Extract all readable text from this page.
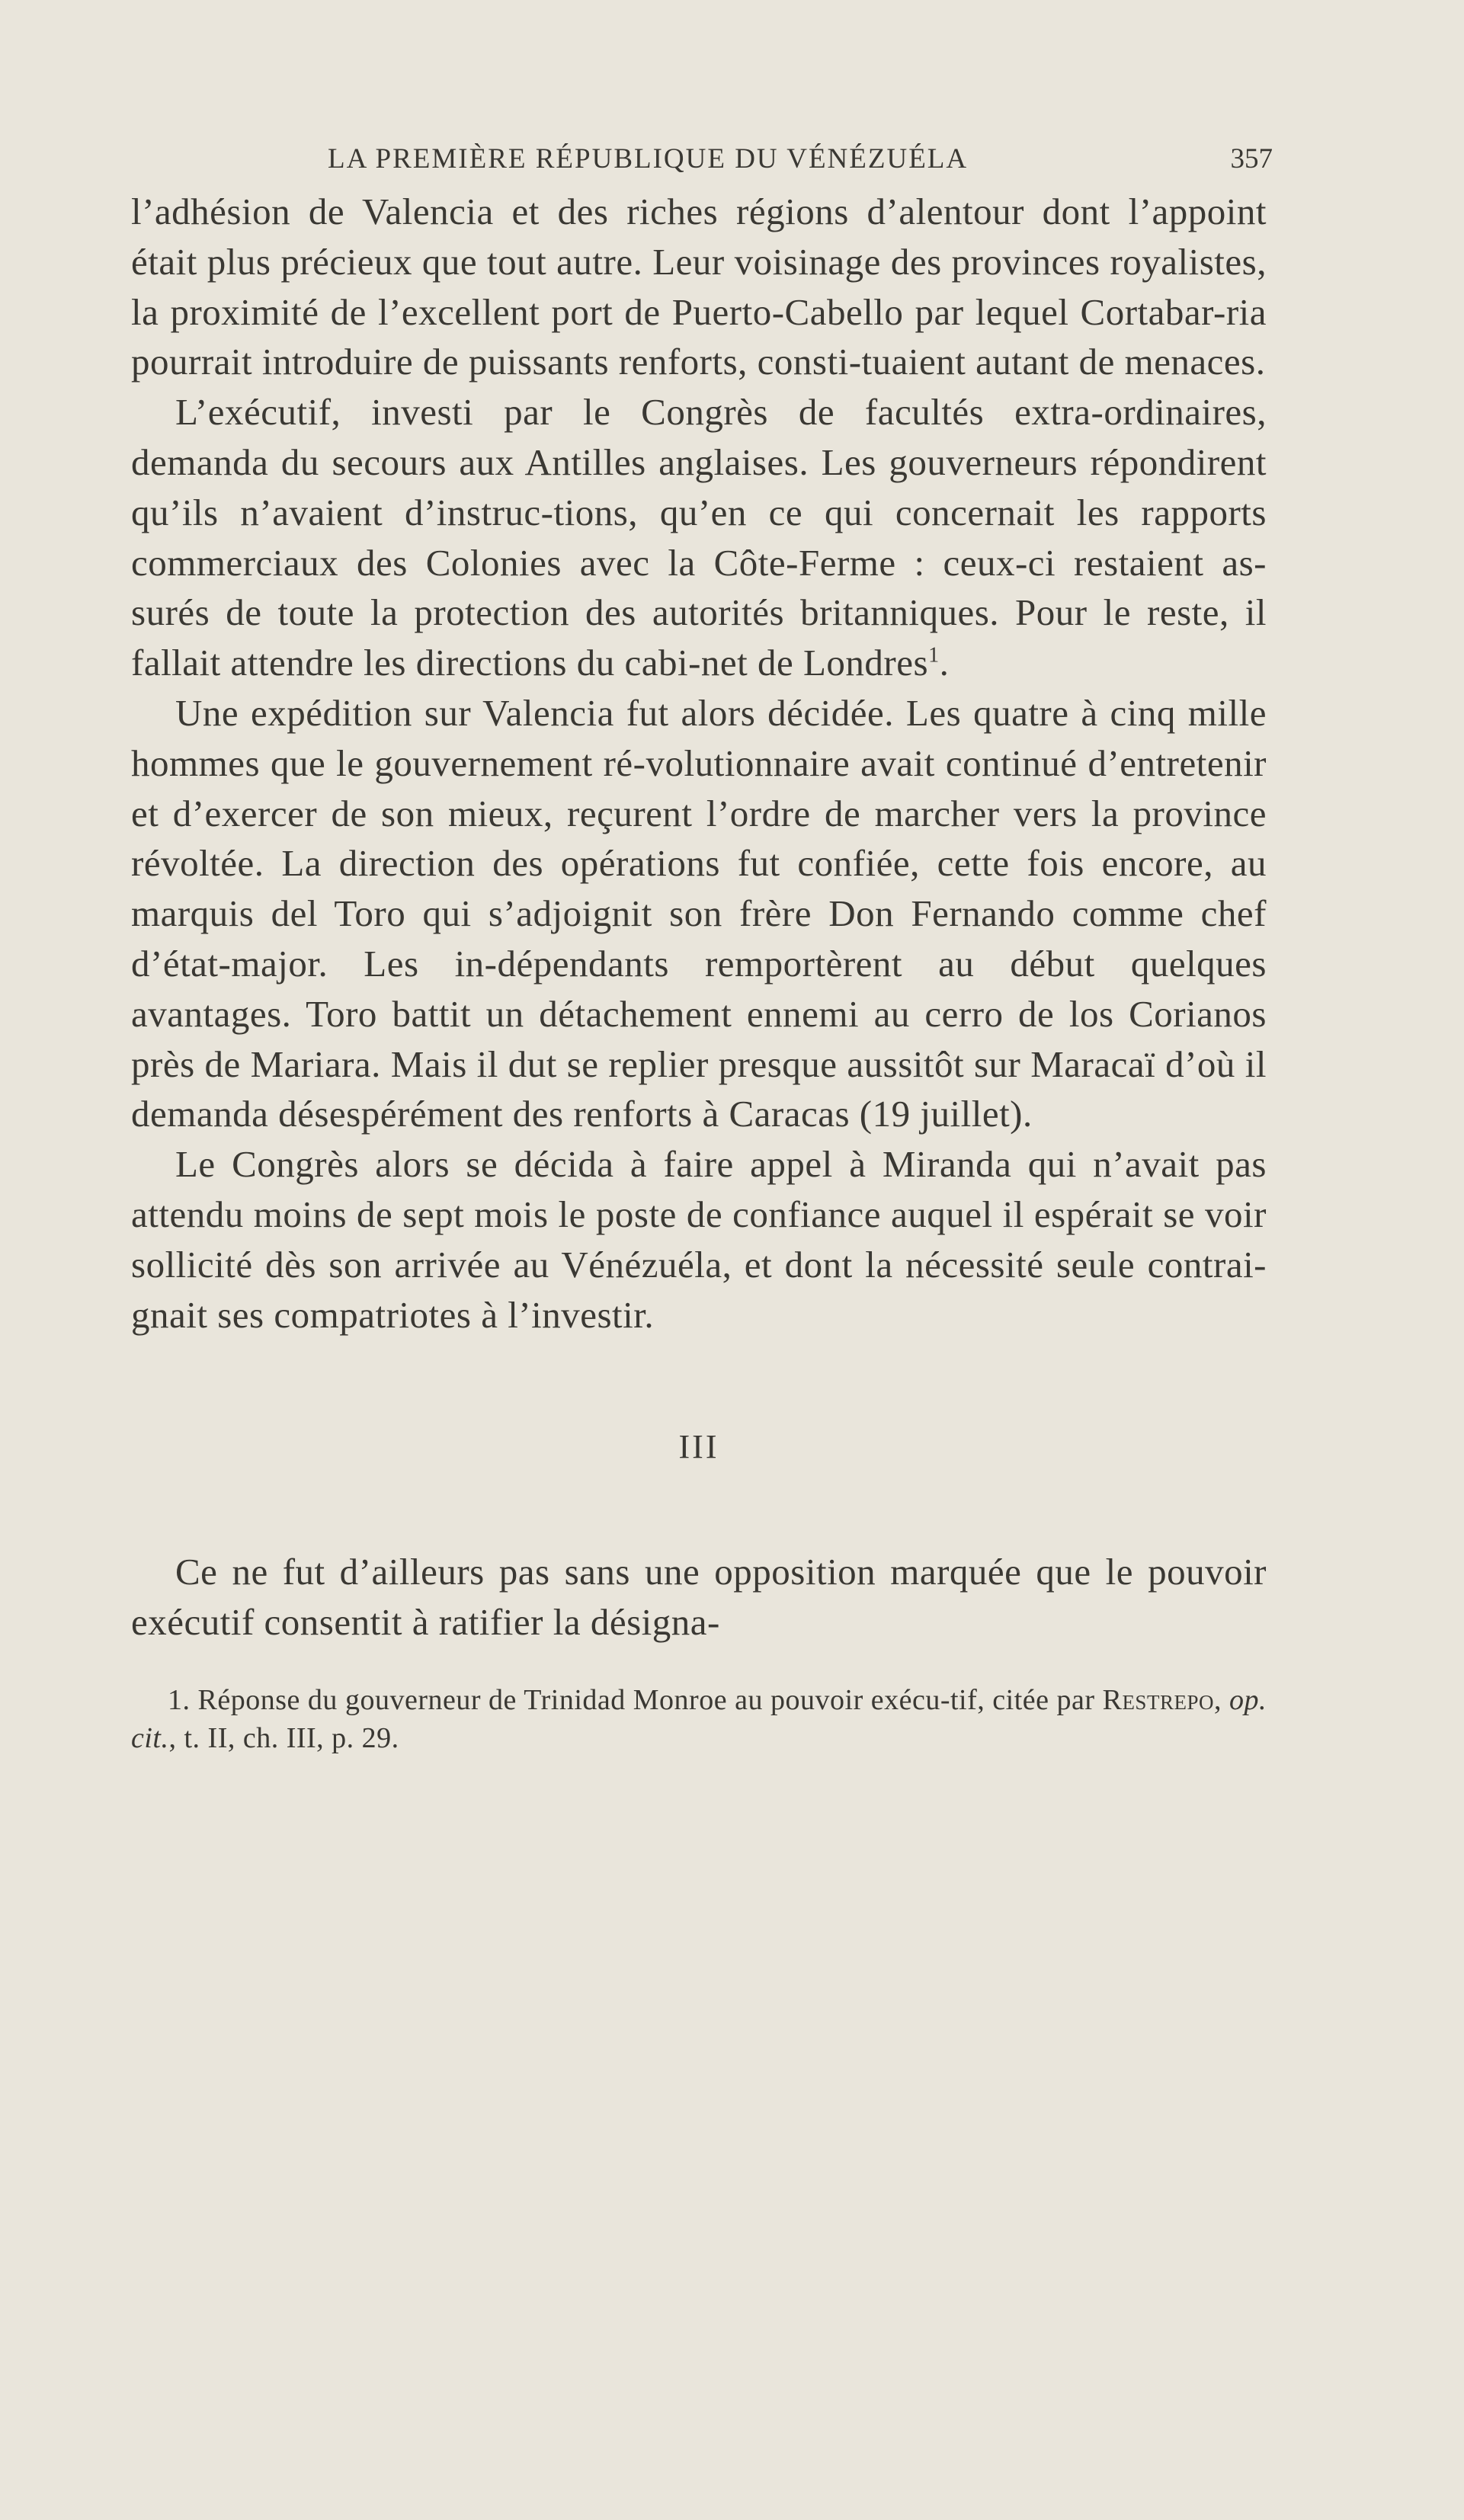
LA PREMIÈRE RÉPUBLIQUE DU VÉNÉZUÉLA	357

l’adhésion de Valencia et des riches régions d’alentour dont l’appoint était plus précieux que tout autre. Leur voisinage des provinces royalistes, la proximité de l’excellent port de Puerto-Cabello par lequel Cortabar-ria pourrait introduire de puissants renforts, consti-tuaient autant de menaces.

L’exécutif, investi par le Congrès de facultés extra-ordinaires, demanda du secours aux Antilles anglaises. Les gouverneurs répondirent qu’ils n’avaient d’instruc-tions, qu’en ce qui concernait les rapports commerciaux des Colonies avec la Côte-Ferme : ceux-ci restaient as-surés de toute la protection des autorités britanniques. Pour le reste, il fallait attendre les directions du cabi-net de Londres$^1$.

Une expédition sur Valencia fut alors décidée. Les quatre à cinq mille hommes que le gouvernement ré-volutionnaire avait continué d’entretenir et d’exercer de son mieux, reçurent l’ordre de marcher vers la province révoltée. La direction des opérations fut confiée, cette fois encore, au marquis del Toro qui s’adjoignit son frère Don Fernando comme chef d’état-major. Les in-dépendants remportèrent au début quelques avantages. Toro battit un détachement ennemi au cerro de los Corianos près de Mariara. Mais il dut se replier presque aussitôt sur Maracaï d’où il demanda désespérément des renforts à Caracas (19 juillet).

Le Congrès alors se décida à faire appel à Miranda qui n’avait pas attendu moins de sept mois le poste de confiance auquel il espérait se voir sollicité dès son arrivée au Vénézuéla, et dont la nécessité seule contrai-gnait ses compatriotes à l’investir.

III

Ce ne fut d’ailleurs pas sans une opposition marquée que le pouvoir exécutif consentit à ratifier la désigna-

1. Réponse du gouverneur de Trinidad Monroe au pouvoir exécu-tif, citée par Restrepo, op. cit., t. II, ch. III, p. 29.
